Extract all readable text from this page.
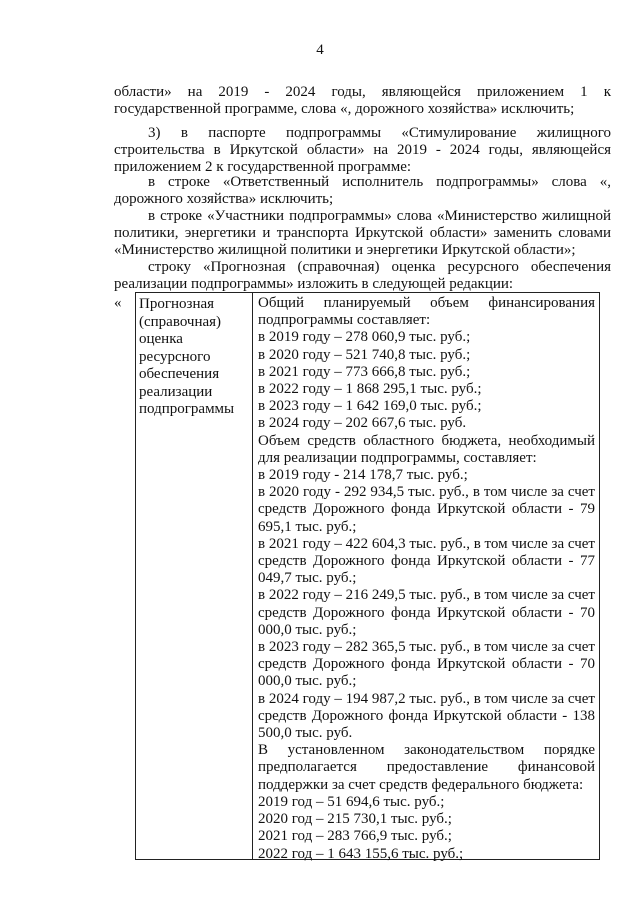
4

области» на 2019 - 2024 годы, являющейся приложением 1 к государственной программе, слова «, дорожного хозяйства» исключить;

3) в паспорте подпрограммы «Стимулирование жилищного строительства в Иркутской области» на 2019 - 2024 годы, являющейся приложением 2 к государственной программе:

в строке «Ответственный исполнитель подпрограммы» слова «, дорожного хозяйства» исключить;

в строке «Участники подпрограммы» слова «Министерство жилищной политики, энергетики и транспорта Иркутской области» заменить словами «Министерство жилищной политики и энергетики Иркутской области»;

строку «Прогнозная (справочная) оценка ресурсного обеспечения реализации подпрограммы» изложить в следующей редакции:

« Прогнозная
(справочная)
оценка
ресурсного
обеспечения
реализации
подпрограммы
Общий планируемый объем финансирования подпрограммы составляет:
в 2019 году – 278 060,9 тыс. руб.;
в 2020 году – 521 740,8 тыс. руб.;
в 2021 году – 773 666,8 тыс. руб.;
в 2022 году – 1 868 295,1 тыс. руб.;
в 2023 году – 1 642 169,0 тыс. руб.;
в 2024 году – 202 667,6 тыс. руб.
Объем средств областного бюджета, необходимый для реализации подпрограммы, составляет:
в 2019 году - 214 178,7 тыс. руб.;
в 2020 году - 292 934,5 тыс. руб., в том числе за счет средств Дорожного фонда Иркутской области - 79 695,1 тыс. руб.;
в 2021 году – 422 604,3 тыс. руб., в том числе за счет средств Дорожного фонда Иркутской области - 77 049,7 тыс. руб.;
в 2022 году – 216 249,5 тыс. руб., в том числе за счет средств Дорожного фонда Иркутской области - 70 000,0 тыс. руб.;
в 2023 году – 282 365,5 тыс. руб., в том числе за счет средств Дорожного фонда Иркутской области - 70 000,0 тыс. руб.;
в 2024 году – 194 987,2 тыс. руб., в том числе за счет средств Дорожного фонда Иркутской области - 138 500,0 тыс. руб.
В установленном законодательством порядке предполагается предоставление финансовой поддержки за счет средств федерального бюджета:
2019 год – 51 694,6 тыс. руб.;
2020 год – 215 730,1 тыс. руб.;
2021 год – 283 766,9 тыс. руб.;
2022 год – 1 643 155,6 тыс. руб.;
